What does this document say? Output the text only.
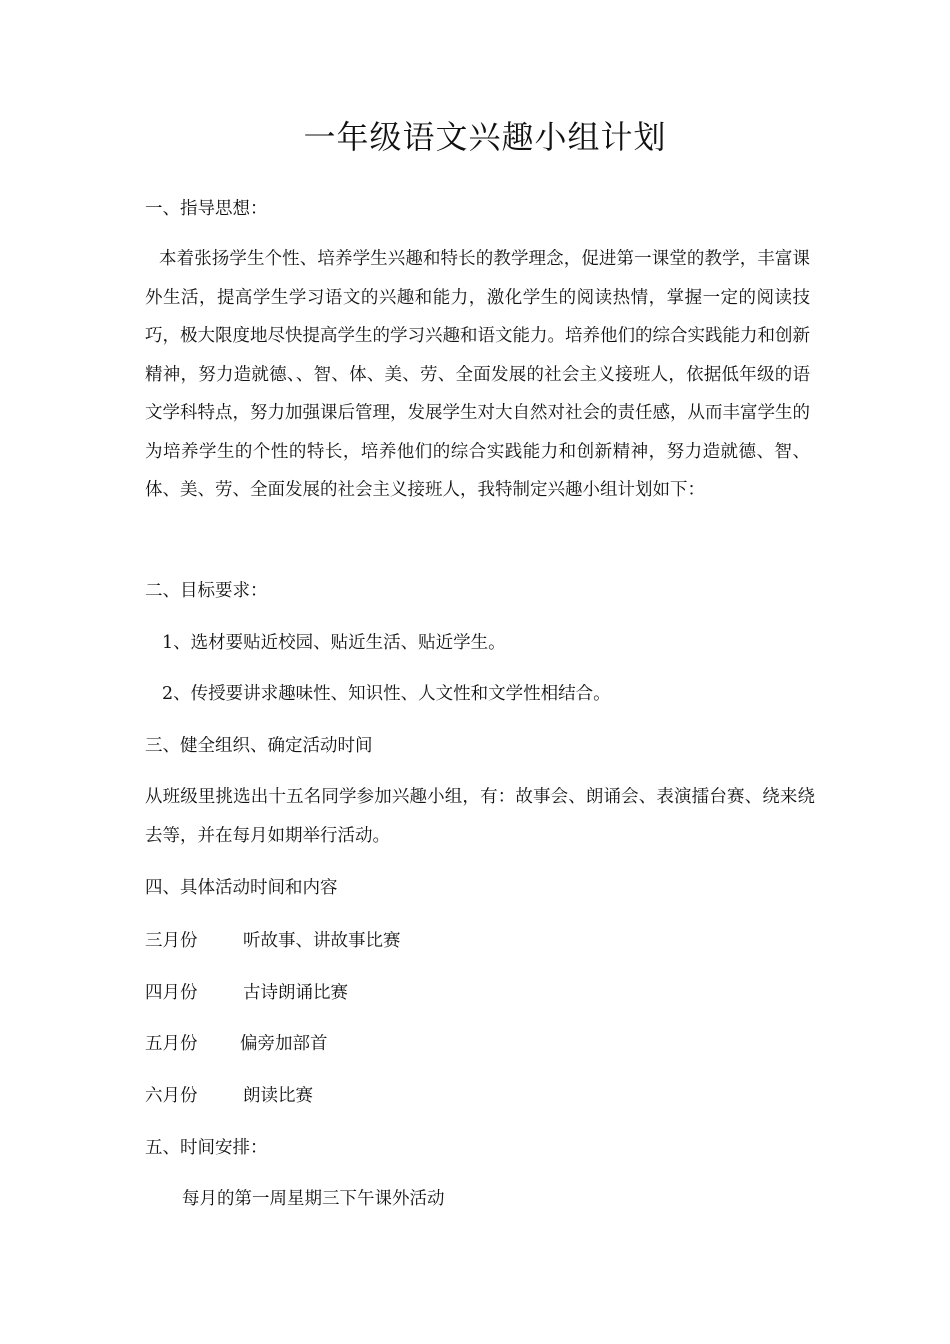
一年级语文兴趣小组计划
一、指导思想：
本着张扬学生个性、培养学生兴趣和特长的教学理念，促进第一课堂的教学，丰富课外生活，提高学生学习语文的兴趣和能力，激化学生的阅读热情，掌握一定的阅读技巧，极大限度地尽快提高学生的学习兴趣和语文能力。培养他们的综合实践能力和创新精神，努力造就德、、智、体、美、劳、全面发展的社会主义接班人，依据低年级的语文学科特点，努力加强课后管理，发展学生对大自然对社会的责任感，从而丰富学生的为培养学生的个性的特长，培养他们的综合实践能力和创新精神，努力造就德、智、体、美、劳、全面发展的社会主义接班人，我特制定兴趣小组计划如下：
二、目标要求：
1、选材要贴近校园、贴近生活、贴近学生。
2、传授要讲求趣味性、知识性、人文性和文学性相结合。
三、健全组织、确定活动时间
从班级里挑选出十五名同学参加兴趣小组，有：故事会、朗诵会、表演擂台赛、绕来绕去等，并在每月如期举行活动。
四、具体活动时间和内容
三月份	听故事、讲故事比赛
四月份	古诗朗诵比赛
五月份 偏旁加部首
六月份	朗读比赛
五、时间安排：
每月的第一周星期三下午课外活动
